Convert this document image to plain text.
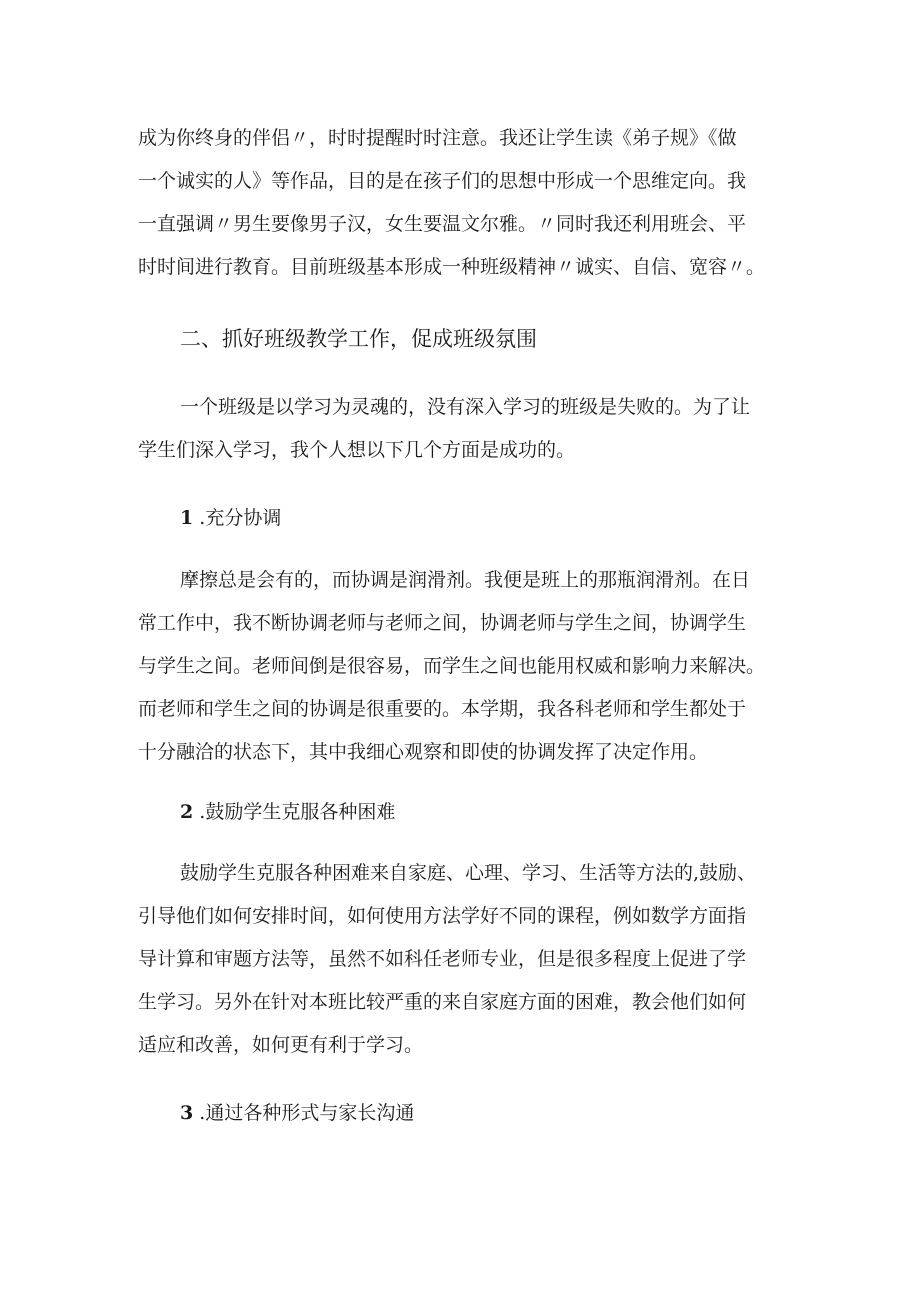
成为你终身的伴侣〃，时时提醒时时注意。我还让学生读《弟子规》《做

一个诚实的人》等作品，目的是在孩子们的思想中形成一个思维定向。我

一直强调〃男生要像男子汉，女生要温文尔雅。〃同时我还利用班会、平

时时间进行教育。目前班级基本形成一种班级精神〃诚实、自信、宽容〃。

二、抓好班级教学工作，促成班级氛围

一个班级是以学习为灵魂的，没有深入学习的班级是失败的。为了让

学生们深入学习，我个人想以下几个方面是成功的。

1 .充分协调

摩擦总是会有的，而协调是润滑剂。我便是班上的那瓶润滑剂。在日

常工作中，我不断协调老师与老师之间，协调老师与学生之间，协调学生

与学生之间。老师间倒是很容易，而学生之间也能用权威和影响力来解决。

而老师和学生之间的协调是很重要的。本学期，我各科老师和学生都处于

十分融洽的状态下，其中我细心观察和即使的协调发挥了决定作用。

2 .鼓励学生克服各种困难

鼓励学生克服各种困难来自家庭、心理、学习、生活等方法的,鼓励、

引导他们如何安排时间，如何使用方法学好不同的课程，例如数学方面指

导计算和审题方法等，虽然不如科任老师专业，但是很多程度上促进了学

生学习。另外在针对本班比较严重的来自家庭方面的困难，教会他们如何

适应和改善，如何更有利于学习。

3 .通过各种形式与家长沟通
